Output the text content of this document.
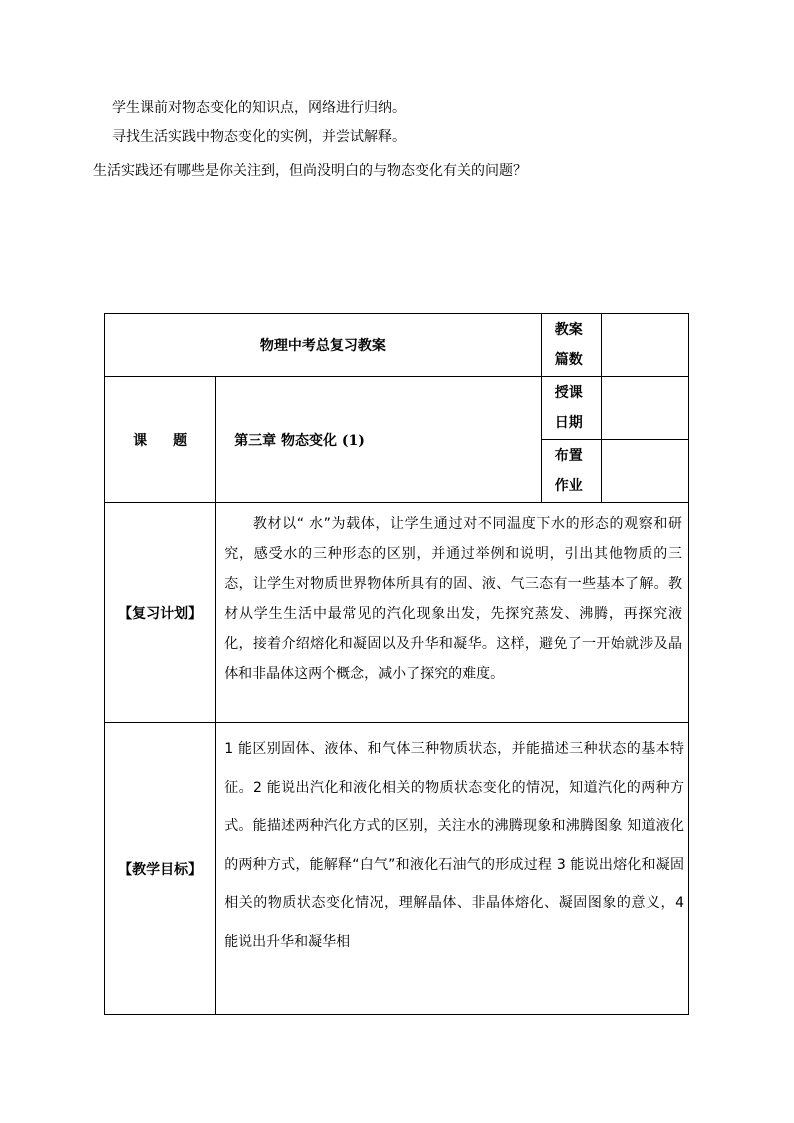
学生课前对物态变化的知识点，网络进行归纳。

寻找生活实践中物态变化的实例，并尝试解释。

生活实践还有哪些是你关注到，但尚没明白的与物态变化有关的问题？

物理中考总复习教案		教案
篇数	

课 题	第三章 物态变化 (1)	授课
日期	

		布置
作业	

【复习计划】	教材以“ 水”为载体，让学生通过对不同温度下水的形态的观察和研究，感受水的三种形态的区别，并通过举例和说明，引出其他物质的三态，让学生对物质世界物体所具有的固、液、气三态有一些基本了解。教材从学生生活中最常见的汽化现象出发，先探究蒸发、沸腾，再探究液化，接着介绍熔化和凝固以及升华和凝华。这样，避免了一开始就涉及晶体和非晶体这两个概念，减小了探究的难度。		
【教学目标】	1 能区别固体、液体、和气体三种物质状态，并能描述三种状态的基本特征。2 能说出汽化和液化相关的物质状态变化的情况，知道汽化的两种方式。能描述两种汽化方式的区别，关注水的沸腾现象和沸腾图象 知道液化的两种方式，能解释“白气”和液化石油气的形成过程 3 能说出熔化和凝固相关的物质状态变化情况，理解晶体、非晶体熔化、凝固图象的意义，4 能说出升华和凝华相		
